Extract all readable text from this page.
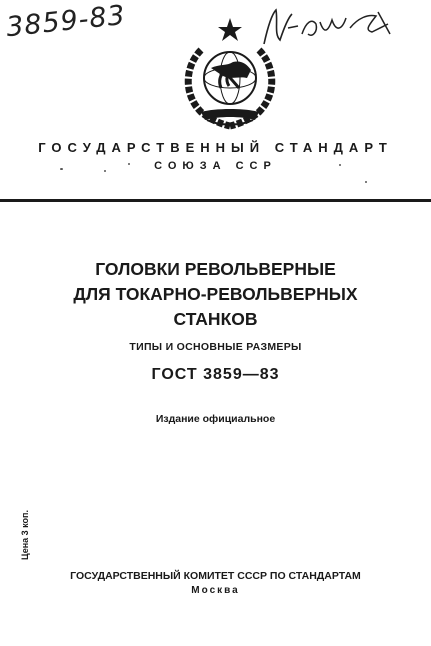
3859-83
ГОСУДАРСТВЕННЫЙ СТАНДАРТ
СОЮЗА ССР
ГОЛОВКИ РЕВОЛЬВЕРНЫЕ
ДЛЯ ТОКАРНО-РЕВОЛЬВЕРНЫХ
СТАНКОВ
ТИПЫ И ОСНОВНЫЕ РАЗМЕРЫ
ГОСТ 3859—83
Издание официальное
Цена 3 коп.
ГОСУДАРСТВЕННЫЙ КОМИТЕТ СССР ПО СТАНДАРТАМ
Москва
